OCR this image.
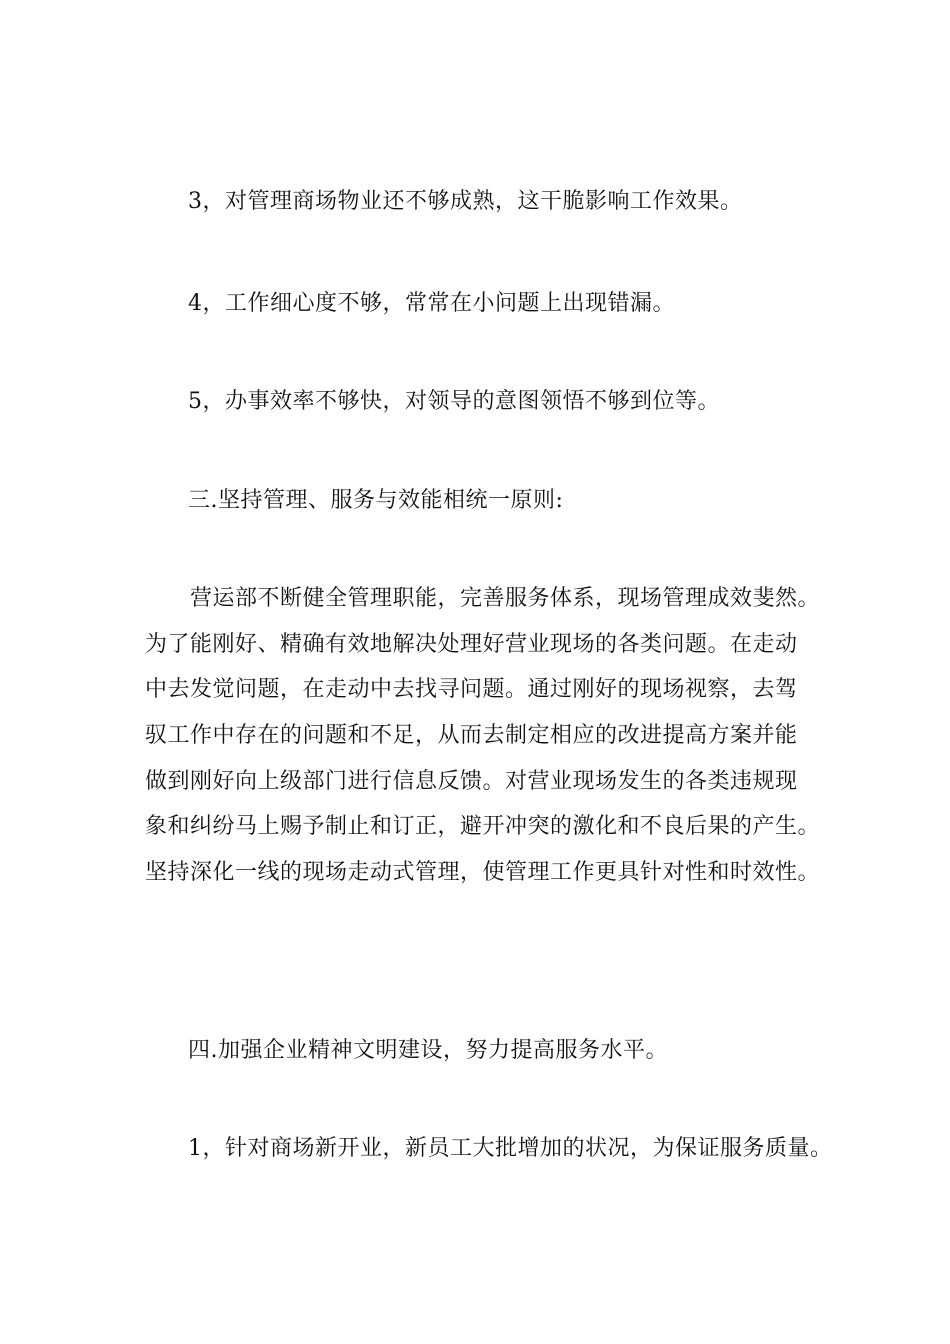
3，对管理商场物业还不够成熟，这干脆影响工作效果。
4，工作细心度不够，常常在小问题上出现错漏。
5，办事效率不够快，对领导的意图领悟不够到位等。
三.坚持管理、服务与效能相统一原则:
营运部不断健全管理职能，完善服务体系，现场管理成效斐然。
为了能刚好、精确有效地解决处理好营业现场的各类问题。在走动
中去发觉问题，在走动中去找寻问题。通过刚好的现场视察，去驾
驭工作中存在的问题和不足，从而去制定相应的改进提高方案并能
做到刚好向上级部门进行信息反馈。对营业现场发生的各类违规现
象和纠纷马上赐予制止和订正，避开冲突的激化和不良后果的产生。
坚持深化一线的现场走动式管理，使管理工作更具针对性和时效性。
四.加强企业精神文明建设，努力提高服务水平。
1，针对商场新开业，新员工大批增加的状况，为保证服务质量。
